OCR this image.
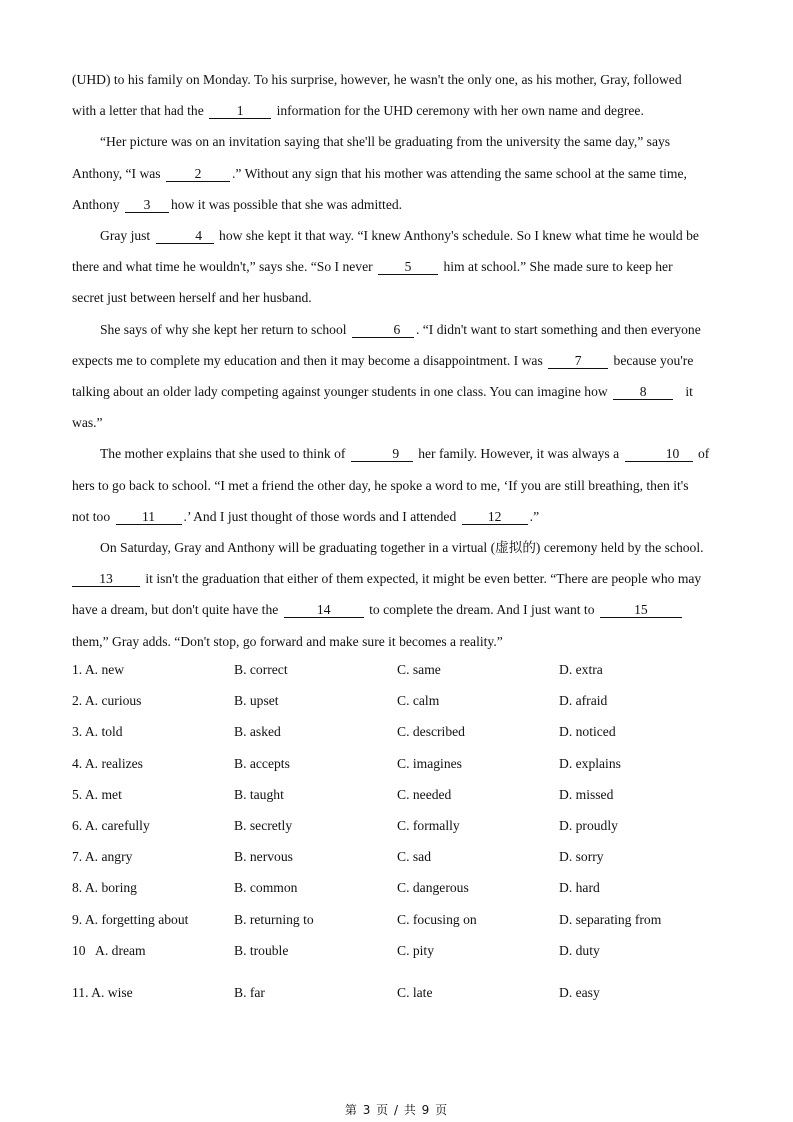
(UHD) to his family on Monday. To his surprise, however, he wasn't the only one, as his mother, Gray, followed
with a letter that had the 1 information for the UHD ceremony with her own name and degree.

“Her picture was on an invitation saying that she'll be graduating from the university the same day,” says
Anthony, “I was	2 .” Without any sign that his mother was attending the same school at the same time,
Anthony 3 how it was possible that she was admitted.

Gray just	4 how she kept it that way. “I knew Anthony's schedule. So I knew what time he would be
there and what time he wouldn't,” says she. “So I never 5 him at school.” She made sure to keep her
secret just between herself and her husband.

She says of why she kept her return to school	6 . “I didn't want to start something and then everyone
expects me to complete my education and then it may become a disappointment. I was 7 because you're
talking about an older lady competing against younger students in one class. You can imagine how 8	it
was.”

The mother explains that she used to think of	9 her family. However, it was always a	10 of
hers to go back to school. “I met a friend the other day, he spoke a word to me, ‘If you are still breathing, then it's
not too 11 .’ And I just thought of those words and I attended 12 .”

On Saturday, Gray and Anthony will be graduating together in a virtual (虚拟的) ceremony held by the school.
13 it isn't the graduation that either of them expected, it might be even better. “There are people who may
have a dream, but don't quite have the	14	to complete the dream. And I just want to	15
them,” Gray adds. “Don't stop, go forward and make sure it becomes a reality.”

1. A. new	B. correct	C. same	D. extra
2. A. curious	B. upset	C. calm	D. afraid
3. A. told	B. asked	C. described	D. noticed
4. A. realizes	B. accepts	C. imagines	D. explains
5. A. met	B. taught	C. needed	D. missed
6. A. carefully	B. secretly	C. formally	D. proudly
7. A. angry	B. nervous	C. sad	D. sorry
8. A. boring	B. common	C. dangerous	D. hard
9. A. forgetting about	B. returning to	C. focusing on	D. separating from
10   A. dream	B. trouble	C. pity	D. duty
11. A. wise	B. far	C. late	D. easy
第 3 页 / 共 9 页
